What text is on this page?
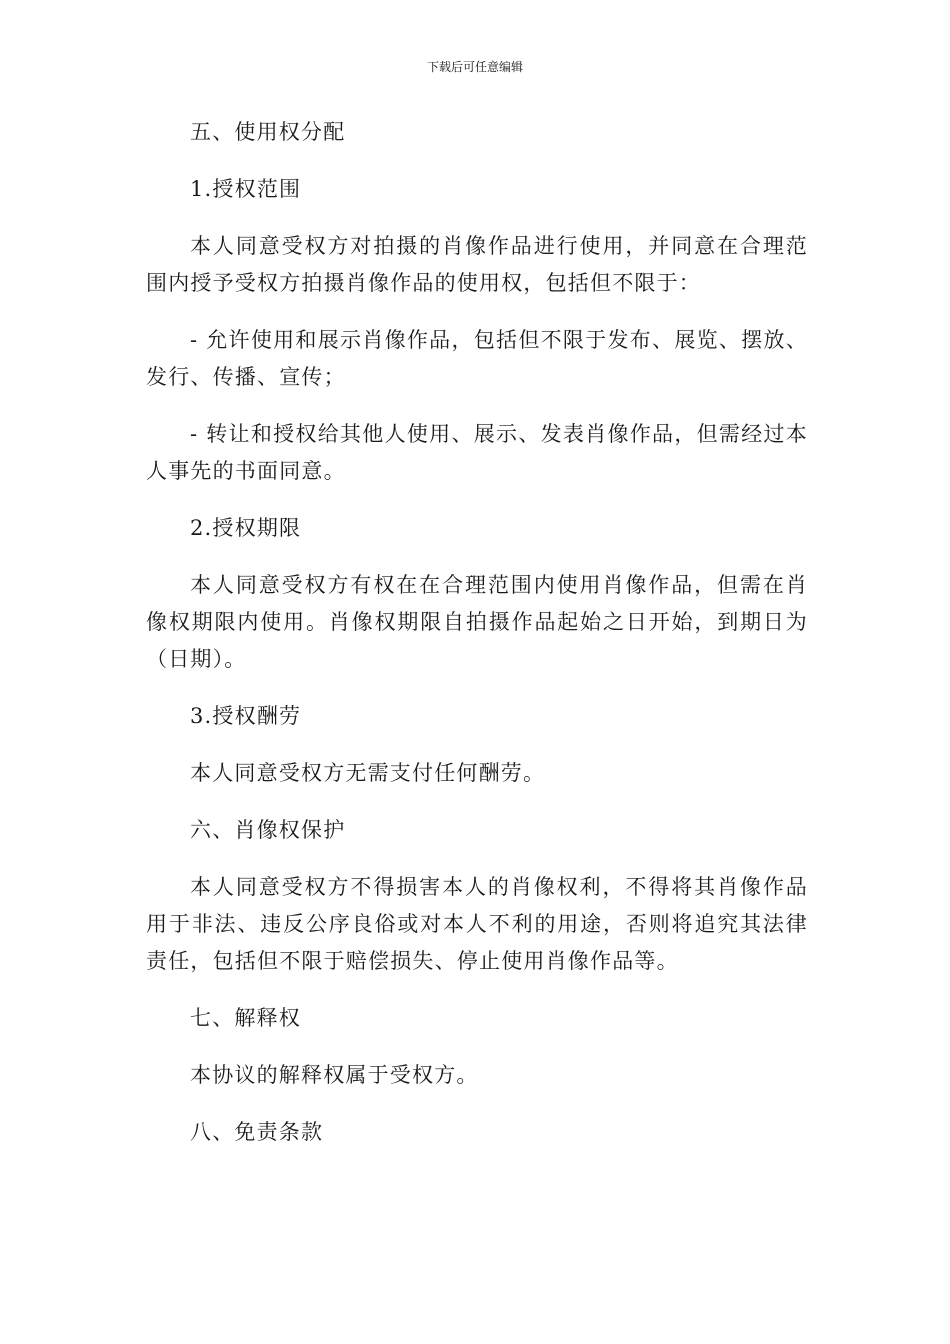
下载后可任意编辑

五、使用权分配

1.授权范围

本人同意受权方对拍摄的肖像作品进行使用，并同意在合理范围内授予受权方拍摄肖像作品的使用权，包括但不限于：

- 允许使用和展示肖像作品，包括但不限于发布、展览、摆放、发行、传播、宣传；

- 转让和授权给其他人使用、展示、发表肖像作品，但需经过本人事先的书面同意。

2.授权期限

本人同意受权方有权在在合理范围内使用肖像作品，但需在肖像权期限内使用。肖像权期限自拍摄作品起始之日开始，到期日为（日期）。

3.授权酬劳

本人同意受权方无需支付任何酬劳。

六、肖像权保护

本人同意受权方不得损害本人的肖像权利，不得将其肖像作品用于非法、违反公序良俗或对本人不利的用途，否则将追究其法律责任，包括但不限于赔偿损失、停止使用肖像作品等。

七、解释权

本协议的解释权属于受权方。

八、免责条款
